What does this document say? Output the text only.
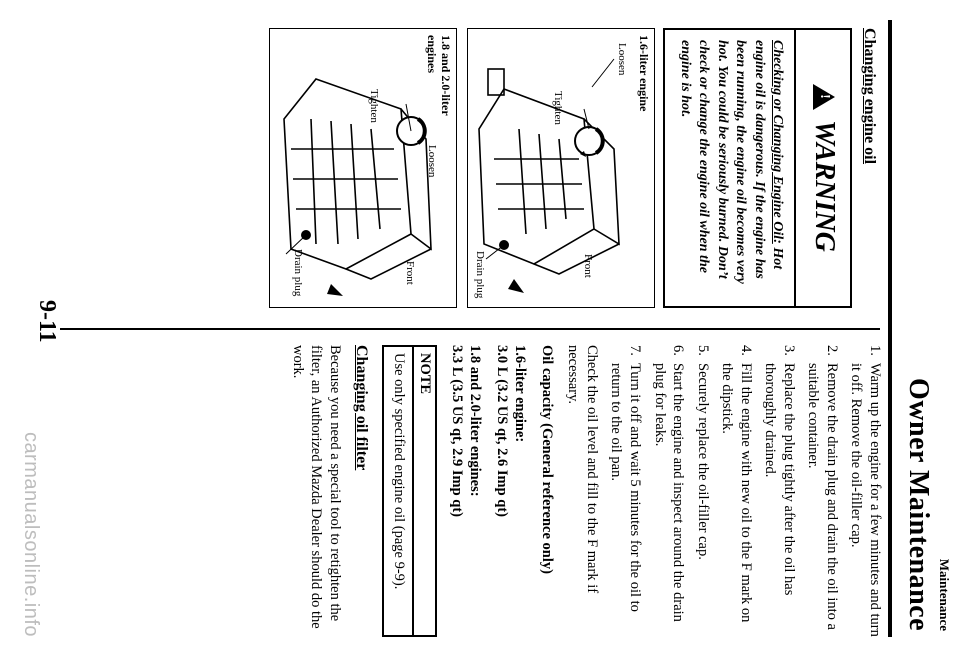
Maintenance
Owner Maintenance
Changing engine oil
!
WARNING
Checking or Changing Engine Oil: Hot engine oil is dangerous. If the engine has been running, the engine oil becomes very hot. You could be seriously burned. Don’t check or change the engine oil when the engine is hot.
1.6-liter engine
Loosen
Tighten
Drain plug	Front
1.8 and 2.0-liter engines
Loosen
Tighten
Drain plug	Front
1.
Warm up the engine for a few minutes and turn it off. Remove the oil-filler cap.
2.
Remove the drain plug and drain the oil into a suitable container.
3.
Replace the plug tightly after the oil has thoroughly drained.
4.
Fill the engine with new oil to the F mark on the dipstick.
5.
Securely replace the oil-filler cap.
6.
Start the engine and inspect around the drain plug for leaks.
7.
Turn it off and wait 5 minutes for the oil to return to the oil pan.

Check the oil level and fill to the F mark if necessary.

Oil capacity (General reference only)

1.6-liter engine:

3.0 L (3.2 US qt, 2.6 Imp qt)

1.8 and 2.0-liter engines:

3.3 L (3.5 US qt, 2.9 Imp qt)

NOTE
Use only specified engine oil (page 9-9).
Changing oil filter

Because you need a special tool to retighten the filter, an Authorized Mazda Dealer should do the work.

9-11
carmanualsonline.info
